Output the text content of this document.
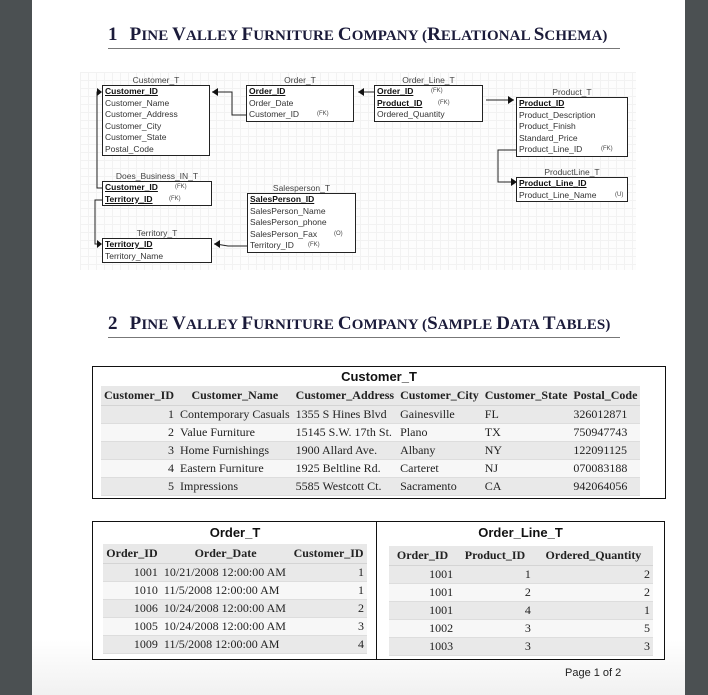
1 PINE VALLEY FURNITURE COMPANY (RELATIONAL SCHEMA)
Customer_T
Customer_ID
Customer_Name
Customer_Address
Customer_City
Customer_State
Postal_Code
Order_T
Order_ID
Order_Date
Customer_ID	(FK)
Order_Line_T
Order_ID	(FK)
Product_ID	(FK)
Ordered_Quantity
Product_T
Product_ID
Product_Description
Product_Finish
Standard_Price
Product_Line_ID	(FK)
ProductLine_T
Product_Line_ID
Product_Line_Name	(U)
Does_Business_IN_T
Customer_ID	(FK)
Territory_ID	(FK)
Salesperson_T
SalesPerson_ID
SalesPerson_Name
SalesPerson_phone
SalesPerson_Fax	(O)
Territory_ID (FK)
Territory_T
Territory_ID
Territory_Name
2 PINE VALLEY FURNITURE COMPANY (SAMPLE DATA TABLES)
Customer_T
Customer_ID	Customer_Name	Customer_Address	Customer_City	Customer_State	Postal_Code
1	Contemporary Casuals	1355 S Hines Blvd	Gainesville	FL	326012871
2	Value Furniture	15145 S.W. 17th St.	Plano	TX	750947743
3	Home Furnishings	1900 Allard Ave.	Albany	NY	122091125
4	Eastern Furniture	1925 Beltline Rd.	Carteret	NJ	070083188
5	Impressions	5585 Westcott Ct.	Sacramento	CA	942064056
Order_T
Order_ID	Order_Date	Customer_ID
1001	10/21/2008 12:00:00 AM	1
1010	11/5/2008 12:00:00 AM	1
1006	10/24/2008 12:00:00 AM	2
1005	10/24/2008 12:00:00 AM	3
1009	11/5/2008 12:00:00 AM	4
Order_Line_T
Order_ID	Product_ID	Ordered_Quantity
1001	1	2
1001	2	2
1001	4	1
1002	3	5
1003	3	3
Page 1 of 2
